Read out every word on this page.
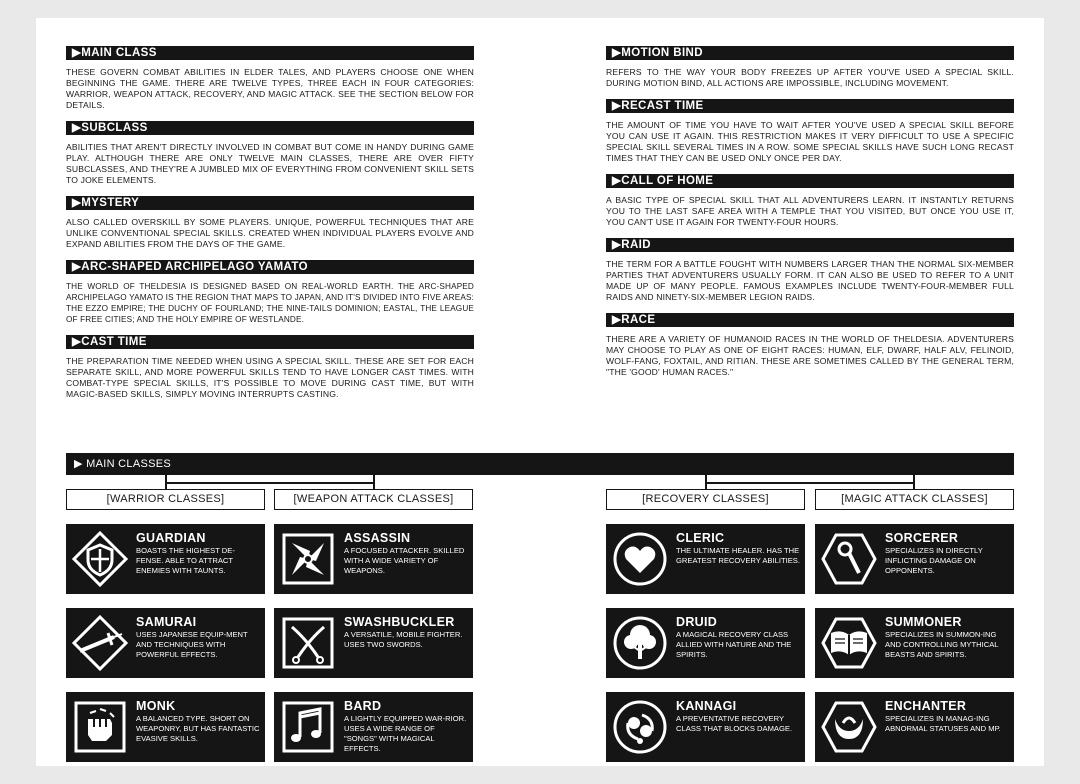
▶MAIN CLASS
THESE GOVERN COMBAT ABILITIES IN ELDER TALES, AND PLAYERS CHOOSE ONE WHEN BEGINNING THE GAME. THERE ARE TWELVE TYPES, THREE EACH IN FOUR CATEGORIES: WARRIOR, WEAPON ATTACK, RECOVERY, AND MAGIC ATTACK. SEE THE SECTION BELOW FOR DETAILS.
▶SUBCLASS
ABILITIES THAT AREN'T DIRECTLY INVOLVED IN COMBAT BUT COME IN HANDY DURING GAME PLAY. ALTHOUGH THERE ARE ONLY TWELVE MAIN CLASSES, THERE ARE OVER FIFTY SUBCLASSES, AND THEY'RE A JUMBLED MIX OF EVERYTHING FROM CONVENIENT SKILL SETS TO JOKE ELEMENTS.
▶MYSTERY
ALSO CALLED OVERSKILL BY SOME PLAYERS. UNIQUE, POWERFUL TECHNIQUES THAT ARE UNLIKE CONVENTIONAL SPECIAL SKILLS. CREATED WHEN INDIVIDUAL PLAYERS EVOLVE AND EXPAND ABILITIES FROM THE DAYS OF THE GAME.
▶ARC-SHAPED ARCHIPELAGO YAMATO
THE WORLD OF THELDESIA IS DESIGNED BASED ON REAL-WORLD EARTH. THE ARC-SHAPED ARCHIPELAGO YAMATO IS THE REGION THAT MAPS TO JAPAN, AND IT'S DIVIDED INTO FIVE AREAS: THE EZZO EMPIRE; THE DUCHY OF FOURLAND; THE NINE-TAILS DOMINION; EASTAL, THE LEAGUE OF FREE CITIES; AND THE HOLY EMPIRE OF WESTLANDE.
▶CAST TIME
THE PREPARATION TIME NEEDED WHEN USING A SPECIAL SKILL. THESE ARE SET FOR EACH SEPARATE SKILL, AND MORE POWERFUL SKILLS TEND TO HAVE LONGER CAST TIMES. WITH COMBAT-TYPE SPECIAL SKILLS, IT'S POSSIBLE TO MOVE DURING CAST TIME, BUT WITH MAGIC-BASED SKILLS, SIMPLY MOVING INTERRUPTS CASTING.
▶MOTION BIND
REFERS TO THE WAY YOUR BODY FREEZES UP AFTER YOU'VE USED A SPECIAL SKILL. DURING MOTION BIND, ALL ACTIONS ARE IMPOSSIBLE, INCLUDING MOVEMENT.
▶RECAST TIME
THE AMOUNT OF TIME YOU HAVE TO WAIT AFTER YOU'VE USED A SPECIAL SKILL BEFORE YOU CAN USE IT AGAIN. THIS RESTRICTION MAKES IT VERY DIFFICULT TO USE A SPECIFIC SPECIAL SKILL SEVERAL TIMES IN A ROW. SOME SPECIAL SKILLS HAVE SUCH LONG RECAST TIMES THAT THEY CAN BE USED ONLY ONCE PER DAY.
▶CALL OF HOME
A BASIC TYPE OF SPECIAL SKILL THAT ALL ADVENTURERS LEARN. IT INSTANTLY RETURNS YOU TO THE LAST SAFE AREA WITH A TEMPLE THAT YOU VISITED, BUT ONCE YOU USE IT, YOU CAN'T USE IT AGAIN FOR TWENTY-FOUR HOURS.
▶RAID
THE TERM FOR A BATTLE FOUGHT WITH NUMBERS LARGER THAN THE NORMAL SIX-MEMBER PARTIES THAT ADVENTURERS USUALLY FORM. IT CAN ALSO BE USED TO REFER TO A UNIT MADE UP OF MANY PEOPLE. FAMOUS EXAMPLES INCLUDE TWENTY-FOUR-MEMBER FULL RAIDS AND NINETY-SIX-MEMBER LEGION RAIDS.
▶RACE
THERE ARE A VARIETY OF HUMANOID RACES IN THE WORLD OF THELDESIA. ADVENTURERS MAY CHOOSE TO PLAY AS ONE OF EIGHT RACES: HUMAN, ELF, DWARF, HALF ALV, FELINOID, WOLF-FANG, FOXTAIL, AND RITIAN. THESE ARE SOMETIMES CALLED BY THE GENERAL TERM, "THE 'GOOD' HUMAN RACES."
▶ MAIN CLASSES
[WARRIOR CLASSES]	[WEAPON ATTACK CLASSES]	[RECOVERY CLASSES]	[MAGIC ATTACK CLASSES]
GUARDIAN
BOASTS THE HIGHEST DE-FENSE. ABLE TO ATTRACT ENEMIES WITH TAUNTS.
SAMURAI
USES JAPANESE EQUIP-MENT AND TECHNIQUES WITH POWERFUL EFFECTS.
MONK
A BALANCED TYPE. SHORT ON WEAPONRY, BUT HAS FANTASTIC EVASIVE SKILLS.
ASSASSIN
A FOCUSED ATTACKER. SKILLED WITH A WIDE VARIETY OF WEAPONS.
SWASHBUCKLER
A VERSATILE, MOBILE FIGHTER. USES TWO SWORDS.
BARD
A LIGHTLY EQUIPPED WAR-RIOR. USES A WIDE RANGE OF "SONGS" WITH MAGICAL EFFECTS.
CLERIC
THE ULTIMATE HEALER. HAS THE GREATEST RECOVERY ABILITIES.
DRUID
A MAGICAL RECOVERY CLASS ALLIED WITH NATURE AND THE SPIRITS.
KANNAGI
A PREVENTATIVE RECOVERY CLASS THAT BLOCKS DAMAGE.
SORCERER
SPECIALIZES IN DIRECTLY INFLICTING DAMAGE ON OPPONENTS.
SUMMONER
SPECIALIZES IN SUMMON-ING AND CONTROLLING MYTHICAL BEASTS AND SPIRITS.
ENCHANTER
SPECIALIZES IN MANAG-ING ABNORMAL STATUSES AND MP.
